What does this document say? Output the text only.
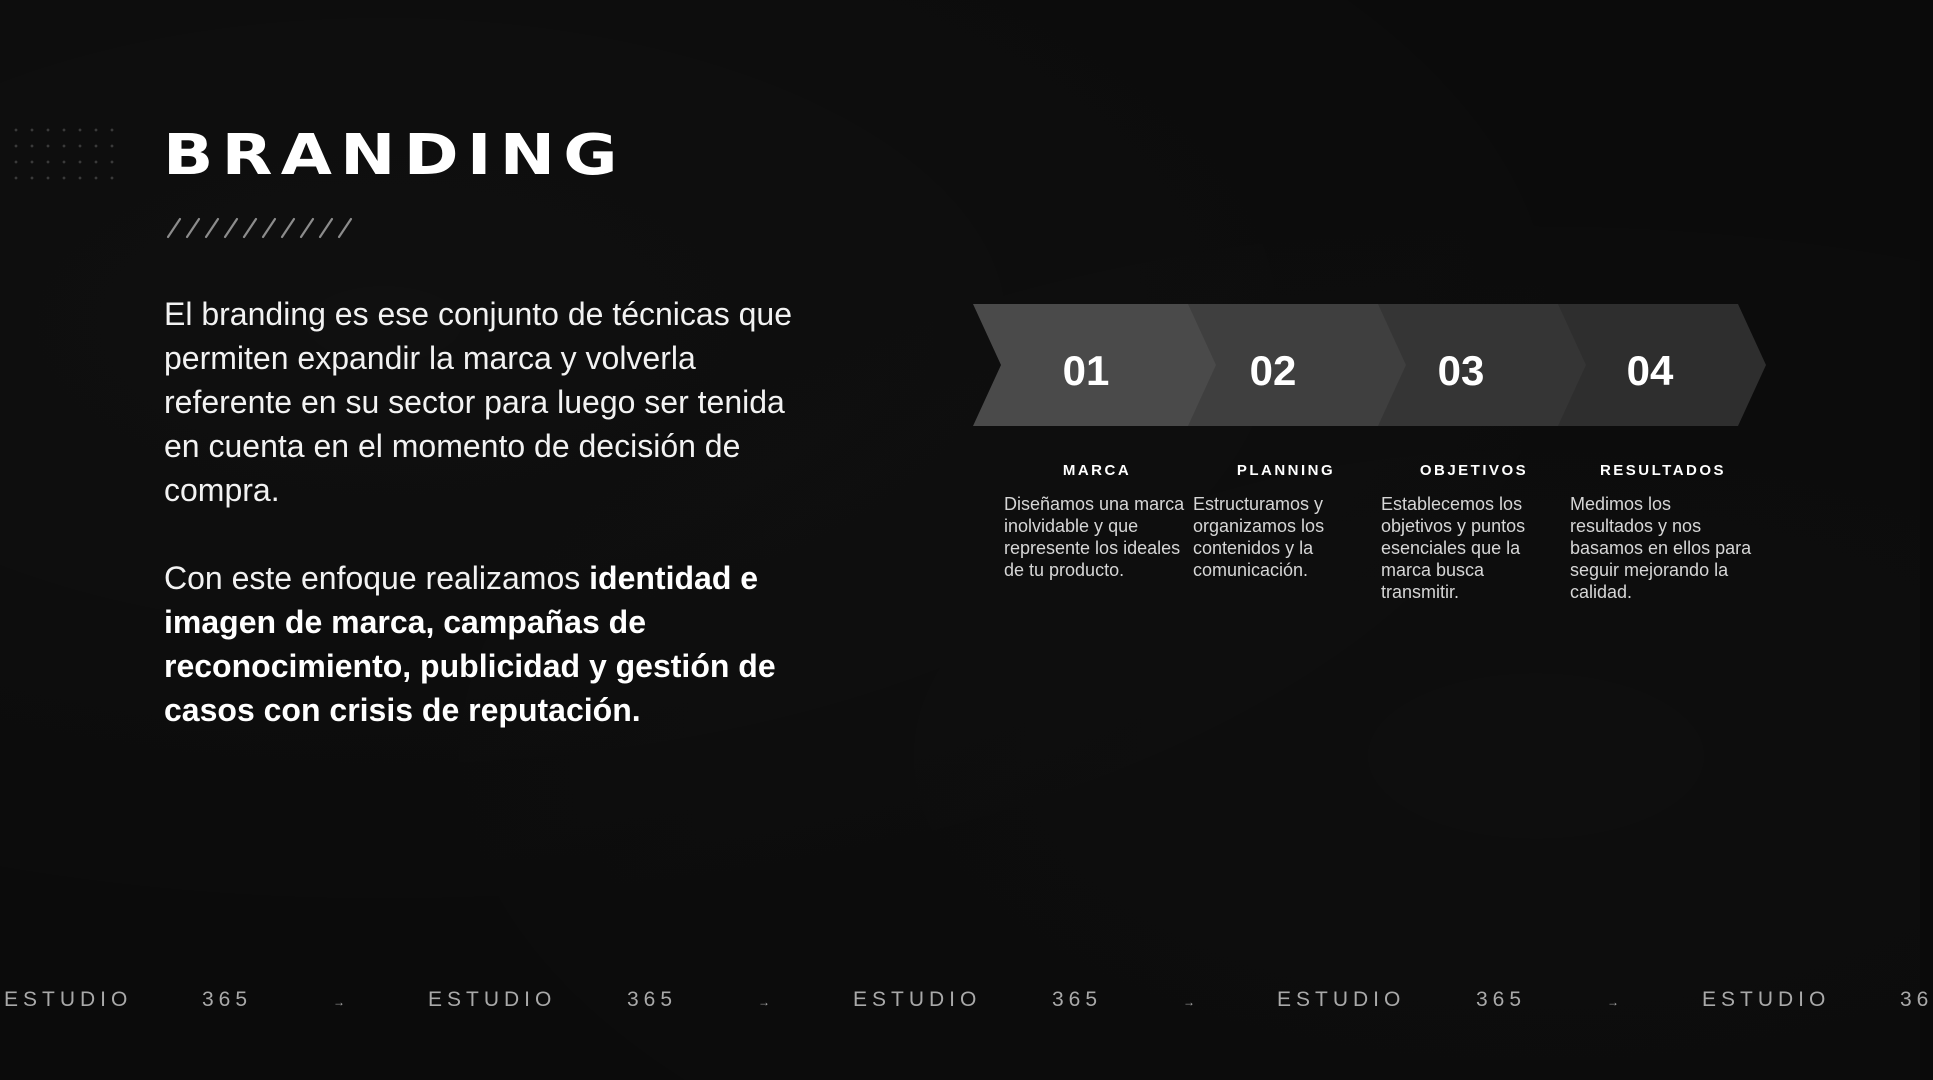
BRANDING

El branding es ese conjunto de técnicas que permiten expandir la marca y volverla referente en su sector para luego ser tenida en cuenta en el momento de decisión de compra.

Con este enfoque realizamos identidad e imagen de marca, campañas de reconocimiento, publicidad y gestión de casos con crisis de reputación.

01	02	03	04

MARCA

Diseñamos una marca inolvidable y que represente los ideales de tu producto.

PLANNING

Estructuramos y organizamos los contenidos y la comunicación.

OBJETIVOS

Establecemos los objetivos y puntos esenciales que la marca busca transmitir.

RESULTADOS

Medimos los resultados y nos basamos en ellos para seguir mejorando la calidad.

ESTUDIO	365	→	ESTUDIO	365	→	ESTUDIO	365	→	ESTUDIO	365	→	ESTUDIO	36
